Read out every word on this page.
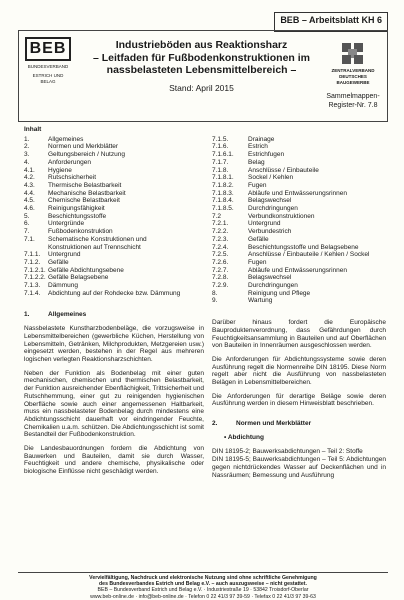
BEB – Arbeitsblatt KH 6
BEB
BUNDESVERBAND
ESTRICH UND BELAG
Industrieböden aus Reaktionsharz
– Leitfaden für Fußbodenkonstruktionen im
nassbelasteten Lebensmittelbereich –
Stand: April 2015
ZENTRALVERBAND
DEUTSCHES
BAUGEWERBE
Sammelmappen-
Register-Nr. 7.8
Inhalt
1.	Allgemeines
2.	Normen und Merkblätter
3.	Geltungsbereich / Nutzung
4.	Anforderungen
4.1.	Hygiene
4.2.	Rutschsicherheit
4.3.	Thermische Belastbarkeit
4.4.	Mechanische Belastbarkeit
4.5.	Chemische Belastbarkeit
4.6.	Reinigungsfähigkeit
5.	Beschichtungsstoffe
6.	Untergründe
7.	Fußbodenkonstruktion
7.1.	Schematische Konstruktionen und
Konstruktionen auf Trennschicht
7.1.1.	Untergrund
7.1.2.	Gefälle
7.1.2.1. Gefälle Abdichtungsebene
7.1.2.2. Gefälle Belagsebene
7.1.3.	Dämmung
7.1.4.	Abdichtung auf der Rohdecke bzw. Dämmung
1.	Allgemeines

Nassbelastete Kunstharzbodenbeläge, die vorzugsweise in Lebensmittelbereichen (gewerbliche Küchen, Herstellung von Lebensmitteln, Getränken, Milchprodukten, Metzgereien usw.) eingesetzt werden, bestehen in der Regel aus mehreren logischen verlegten Reaktionsharzschichten.

Neben der Funktion als Bodenbelag mit einer guten mechanischen, chemischen und thermischen Belastbarkeit, der Funktion ausreichender Ebenflächigkeit, Trittsicherheit und Rutschhemmung, einer gut zu reinigenden hygienischen Oberfläche sowie auch einer angemessenen Haltbarkeit, muss ein nassbelasteter Bodenbelag durch mindestens eine Abdichtungsschicht dauerhaft vor eindringender Feuchte, Chemikalien u.a.m. schützen. Die Abdichtungsschicht ist somit Bestandteil der Fußbodenkonstruktion.

Die Landesbauordnungen fordern die Abdichtung von Bauwerken und Bauteilen, damit sie durch Wasser, Feuchtigkeit und andere chemische, physikalische oder biologische Einflüsse nicht geschädigt werden.

7.1.5.	Drainage
7.1.6.	Estrich
7.1.6.1.	Estrichfugen
7.1.7.	Belag
7.1.8.	Anschlüsse / Einbauteile
7.1.8.1.	Sockel / Kehlen
7.1.8.2.	Fugen
7.1.8.3.	Abläufe und Entwässerungsrinnen
7.1.8.4.	Belagswechsel
7.1.8.5.	Durchdringungen
7.2	Verbundkonstruktionen
7.2.1.	Untergrund
7.2.2.	Verbundestrich
7.2.3.	Gefälle
7.2.4.	Beschichtungsstoffe und Belagsebene
7.2.5.	Anschlüsse / Einbauteile / Kehlen / Sockel
7.2.6.	Fugen
7.2.7.	Abläufe und Entwässerungsrinnen
7.2.8.	Belagswechsel
7.2.9.	Durchdringungen
8.	Reinigung und Pflege
9.	Wartung

Darüber hinaus fordert die Europäische Bauproduktenverordnung, dass Gefährdungen durch Feuchtigkeitsansammlung in Bauteilen und auf Oberflächen von Bauteilen in Innenräumen ausgeschlossen werden.

Die Anforderungen für Abdichtungssysteme sowie deren Ausführung regelt die Normenreihe DIN 18195. Diese Norm regelt aber nicht die Ausführung von nassbelasteten Belägen in Lebensmittelbereichen.

Die Anforderungen für derartige Beläge sowie deren Ausführung werden in diesem Hinweisblatt beschrieben.

2.	Normen und Merkblätter
• Abdichtung

DIN 18195-2; Bauwerksabdichtungen – Teil 2: Stoffe

DIN 18195-5; Bauwerksabdichtungen – Teil 5: Abdichtungen gegen nichtdrückendes Wasser auf Deckenflächen und in Nassräumen; Bemessung und Ausführung

Vervielfältigung, Nachdruck und elektronische Nutzung sind ohne schriftliche Genehmigung
des Bundesverbandes Estrich und Belag e.V. – auch auszugsweise – nicht gestattet.
BEB – Bundesverband Estrich und Belag e.V. · Industriestraße 19 · 53842 Troisdorf-Oberlar
www.beb-online.de · info@beb-online.de · Telefon 0 22 41/3 97 39-59 · Telefax 0 22 41/3 97 39-63
